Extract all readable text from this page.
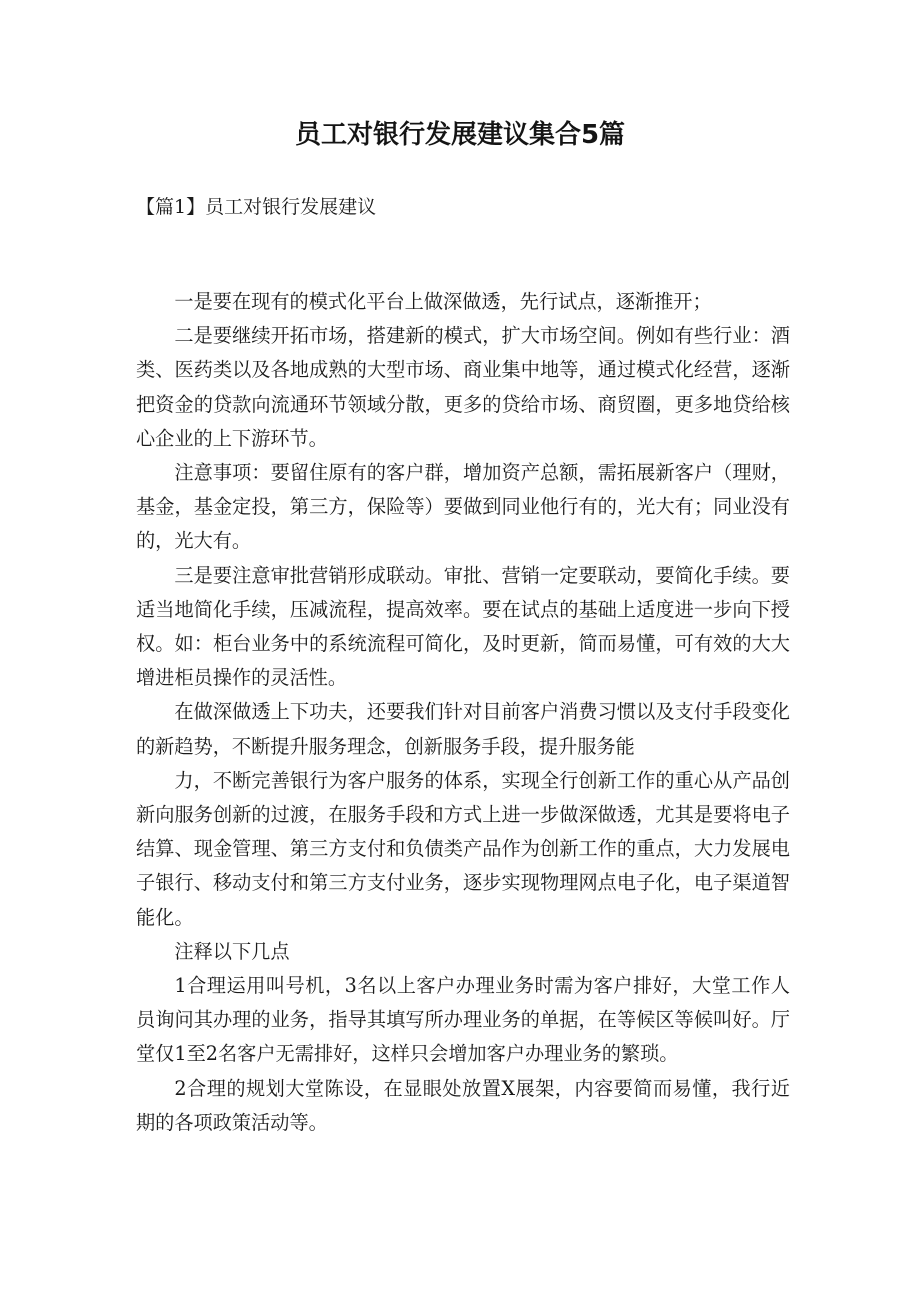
员工对银行发展建议集合5篇
【篇1】员工对银行发展建议

一是要在现有的模式化平台上做深做透，先行试点，逐渐推开；

二是要继续开拓市场，搭建新的模式，扩大市场空间。例如有些行业：酒类、医药类以及各地成熟的大型市场、商业集中地等，通过模式化经营，逐渐把资金的贷款向流通环节领域分散，更多的贷给市场、商贸圈，更多地贷给核心企业的上下游环节。

注意事项：要留住原有的客户群，增加资产总额，需拓展新客户（理财，基金，基金定投，第三方，保险等）要做到同业他行有的，光大有；同业没有的，光大有。

三是要注意审批营销形成联动。审批、营销一定要联动，要简化手续。要适当地简化手续，压减流程，提高效率。要在试点的基础上适度进一步向下授权。如：柜台业务中的系统流程可简化，及时更新，简而易懂，可有效的大大增进柜员操作的灵活性。

在做深做透上下功夫，还要我们针对目前客户消费习惯以及支付手段变化的新趋势，不断提升服务理念，创新服务手段，提升服务能

力，不断完善银行为客户服务的体系，实现全行创新工作的重心从产品创新向服务创新的过渡，在服务手段和方式上进一步做深做透，尤其是要将电子结算、现金管理、第三方支付和负债类产品作为创新工作的重点，大力发展电子银行、移动支付和第三方支付业务，逐步实现物理网点电子化，电子渠道智能化。

注释以下几点

1合理运用叫号机，3名以上客户办理业务时需为客户排好，大堂工作人员询问其办理的业务，指导其填写所办理业务的单据，在等候区等候叫好。厅堂仅1至2名客户无需排好，这样只会增加客户办理业务的繁琐。

2合理的规划大堂陈设，在显眼处放置X展架，内容要简而易懂，我行近期的各项政策活动等。
